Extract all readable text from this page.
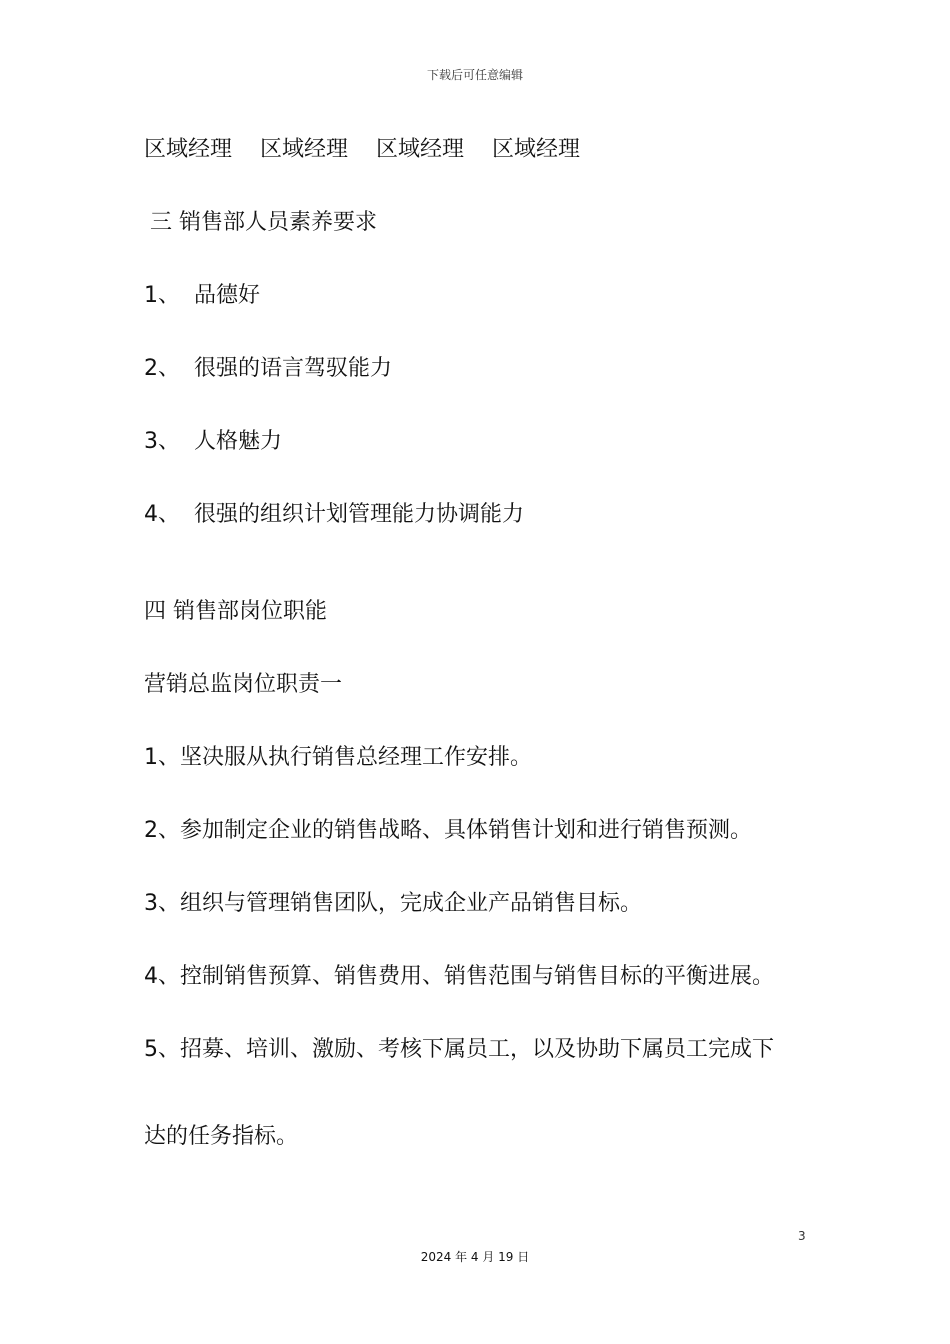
下载后可任意编辑
区域经理 区域经理 区域经理 区域经理
三 销售部人员素养要求
1、 品德好
2、 很强的语言驾驭能力
3、 人格魅力
4、 很强的组织计划管理能力协调能力
四 销售部岗位职能
营销总监岗位职责一
1、坚决服从执行销售总经理工作安排。
2、参加制定企业的销售战略、具体销售计划和进行销售预测。
3、组织与管理销售团队，完成企业产品销售目标。
4、控制销售预算、销售费用、销售范围与销售目标的平衡进展。
5、招募、培训、激励、考核下属员工，以及协助下属员工完成下
达的任务指标。
3
2024 年 4 月 19 日
